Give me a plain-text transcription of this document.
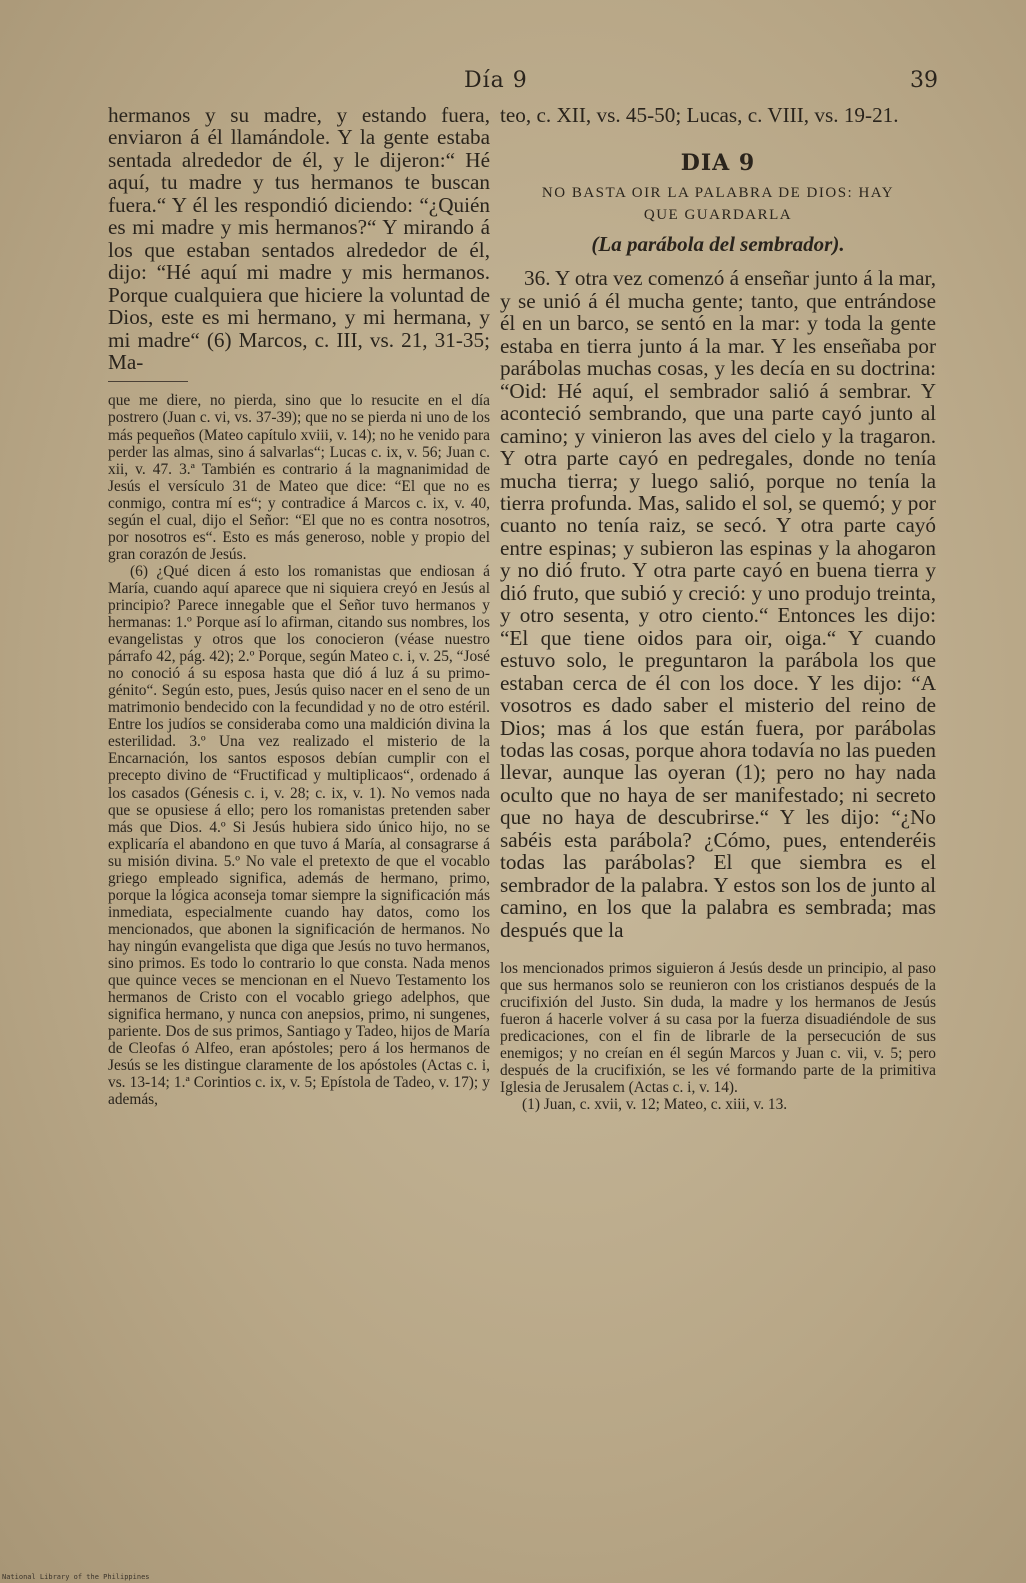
Día 9	39

hermanos y su madre, y estando fuera, enviaron á él llamándole. Y la gente estaba sentada alrededor de él, y le dijeron:“ Hé aquí, tu madre y tus hermanos te buscan fuera.“ Y él les respondió diciendo: “¿Quién es mi madre y mis hermanos?“ Y mirando á los que estaban sentados alrededor de él, dijo: “Hé aquí mi madre y mis hermanos. Porque cualquiera que hiciere la voluntad de Dios, este es mi hermano, y mi hermana, y mi madre“ (6) Marcos, c. III, vs. 21, 31-35; Ma-

que me diere, no pierda, sino que lo resucite en el día postrero (Juan c. vi, vs. 37-39); que no se pierda ni uno de los más pequeños (Mateo capítulo xviii, v. 14); no he venido para perder las almas, sino á salvarlas“; Lucas c. ix, v. 56; Juan c. xii, v. 47. 3.ª También es contrario á la magnanimidad de Jesús el versículo 31 de Mateo que dice: “El que no es conmigo, contra mí es“; y contradice á Marcos c. ix, v. 40, según el cual, dijo el Señor: “El que no es contra nosotros, por nosotros es“. Esto es más generoso, noble y propio del gran corazón de Jesús.

(6) ¿Qué dicen á esto los romanistas que endiosan á María, cuando aquí aparece que ni siquiera creyó en Jesús al principio? Parece innegable que el Señor tuvo hermanos y hermanas: 1.º Porque así lo afirman, citando sus nombres, los evangelistas y otros que los conocieron (véase nuestro párrafo 42, pág. 42); 2.º Porque, según Mateo c. i, v. 25, “José no conoció á su esposa hasta que dió á luz á su primo-génito“. Según esto, pues, Jesús quiso nacer en el seno de un matrimonio bendecido con la fecundidad y no de otro estéril. Entre los judíos se consideraba como una maldición divina la esterilidad. 3.º Una vez realizado el misterio de la Encarnación, los santos esposos debían cumplir con el precepto divino de “Fructificad y multiplicaos“, ordenado á los casados (Génesis c. i, v. 28; c. ix, v. 1). No vemos nada que se opusiese á ello; pero los romanistas pretenden saber más que Dios. 4.º Si Jesús hubiera sido único hijo, no se explicaría el abandono en que tuvo á María, al consagrarse á su misión divina. 5.º No vale el pretexto de que el vocablo griego empleado significa, además de hermano, primo, porque la lógica aconseja tomar siempre la significación más inmediata, especialmente cuando hay datos, como los mencionados, que abonen la significación de hermanos. No hay ningún evangelista que diga que Jesús no tuvo hermanos, sino primos. Es todo lo contrario lo que consta. Nada menos que quince veces se mencionan en el Nuevo Testamento los hermanos de Cristo con el vocablo griego adelphos, que significa hermano, y nunca con anepsios, primo, ni sungenes, pariente. Dos de sus primos, Santiago y Tadeo, hijos de María de Cleofas ó Alfeo, eran apóstoles; pero á los hermanos de Jesús se les distingue claramente de los apóstoles (Actas c. i, vs. 13-14; 1.ª Corintios c. ix, v. 5; Epístola de Tadeo, v. 17); y además,

teo, c. XII, vs. 45-50; Lucas, c. VIII, vs. 19-21.

DIA 9

NO BASTA OIR LA PALABRA DE DIOS: HAY

QUE GUARDARLA

(La parábola del sembrador).

36. Y otra vez comenzó á enseñar junto á la mar, y se unió á él mucha gente; tanto, que entrándose él en un barco, se sentó en la mar: y toda la gente estaba en tierra junto á la mar. Y les enseñaba por parábolas muchas cosas, y les decía en su doctrina: “Oid: Hé aquí, el sembrador salió á sembrar. Y aconteció sembrando, que una parte cayó junto al camino; y vinieron las aves del cielo y la tragaron. Y otra parte cayó en pedregales, donde no tenía mucha tierra; y luego salió, porque no tenía la tierra profunda. Mas, salido el sol, se quemó; y por cuanto no tenía raiz, se secó. Y otra parte cayó entre espinas; y subieron las espinas y la ahogaron y no dió fruto. Y otra parte cayó en buena tierra y dió fruto, que subió y creció: y uno produjo treinta, y otro sesenta, y otro ciento.“ Entonces les dijo: “El que tiene oidos para oir, oiga.“ Y cuando estuvo solo, le preguntaron la parábola los que estaban cerca de él con los doce. Y les dijo: “A vosotros es dado saber el misterio del reino de Dios; mas á los que están fuera, por parábolas todas las cosas, porque ahora todavía no las pueden llevar, aunque las oyeran (1); pero no hay nada oculto que no haya de ser manifestado; ni secreto que no haya de descubrirse.“ Y les dijo: “¿No sabéis esta parábola? ¿Cómo, pues, entenderéis todas las parábolas? El que siembra es el sembrador de la palabra. Y estos son los de junto al camino, en los que la palabra es sembrada; mas después que la

los mencionados primos siguieron á Jesús desde un principio, al paso que sus hermanos solo se reunieron con los cristianos después de la crucifixión del Justo. Sin duda, la madre y los hermanos de Jesús fueron á hacerle volver á su casa por la fuerza disuadiéndole de sus predicaciones, con el fin de librarle de la persecución de sus enemigos; y no creían en él según Marcos y Juan c. vii, v. 5; pero después de la crucifixión, se les vé formando parte de la primitiva Iglesia de Jerusalem (Actas c. i, v. 14).

(1) Juan, c. xvii, v. 12; Mateo, c. xiii, v. 13.

National Library of the Philippines
